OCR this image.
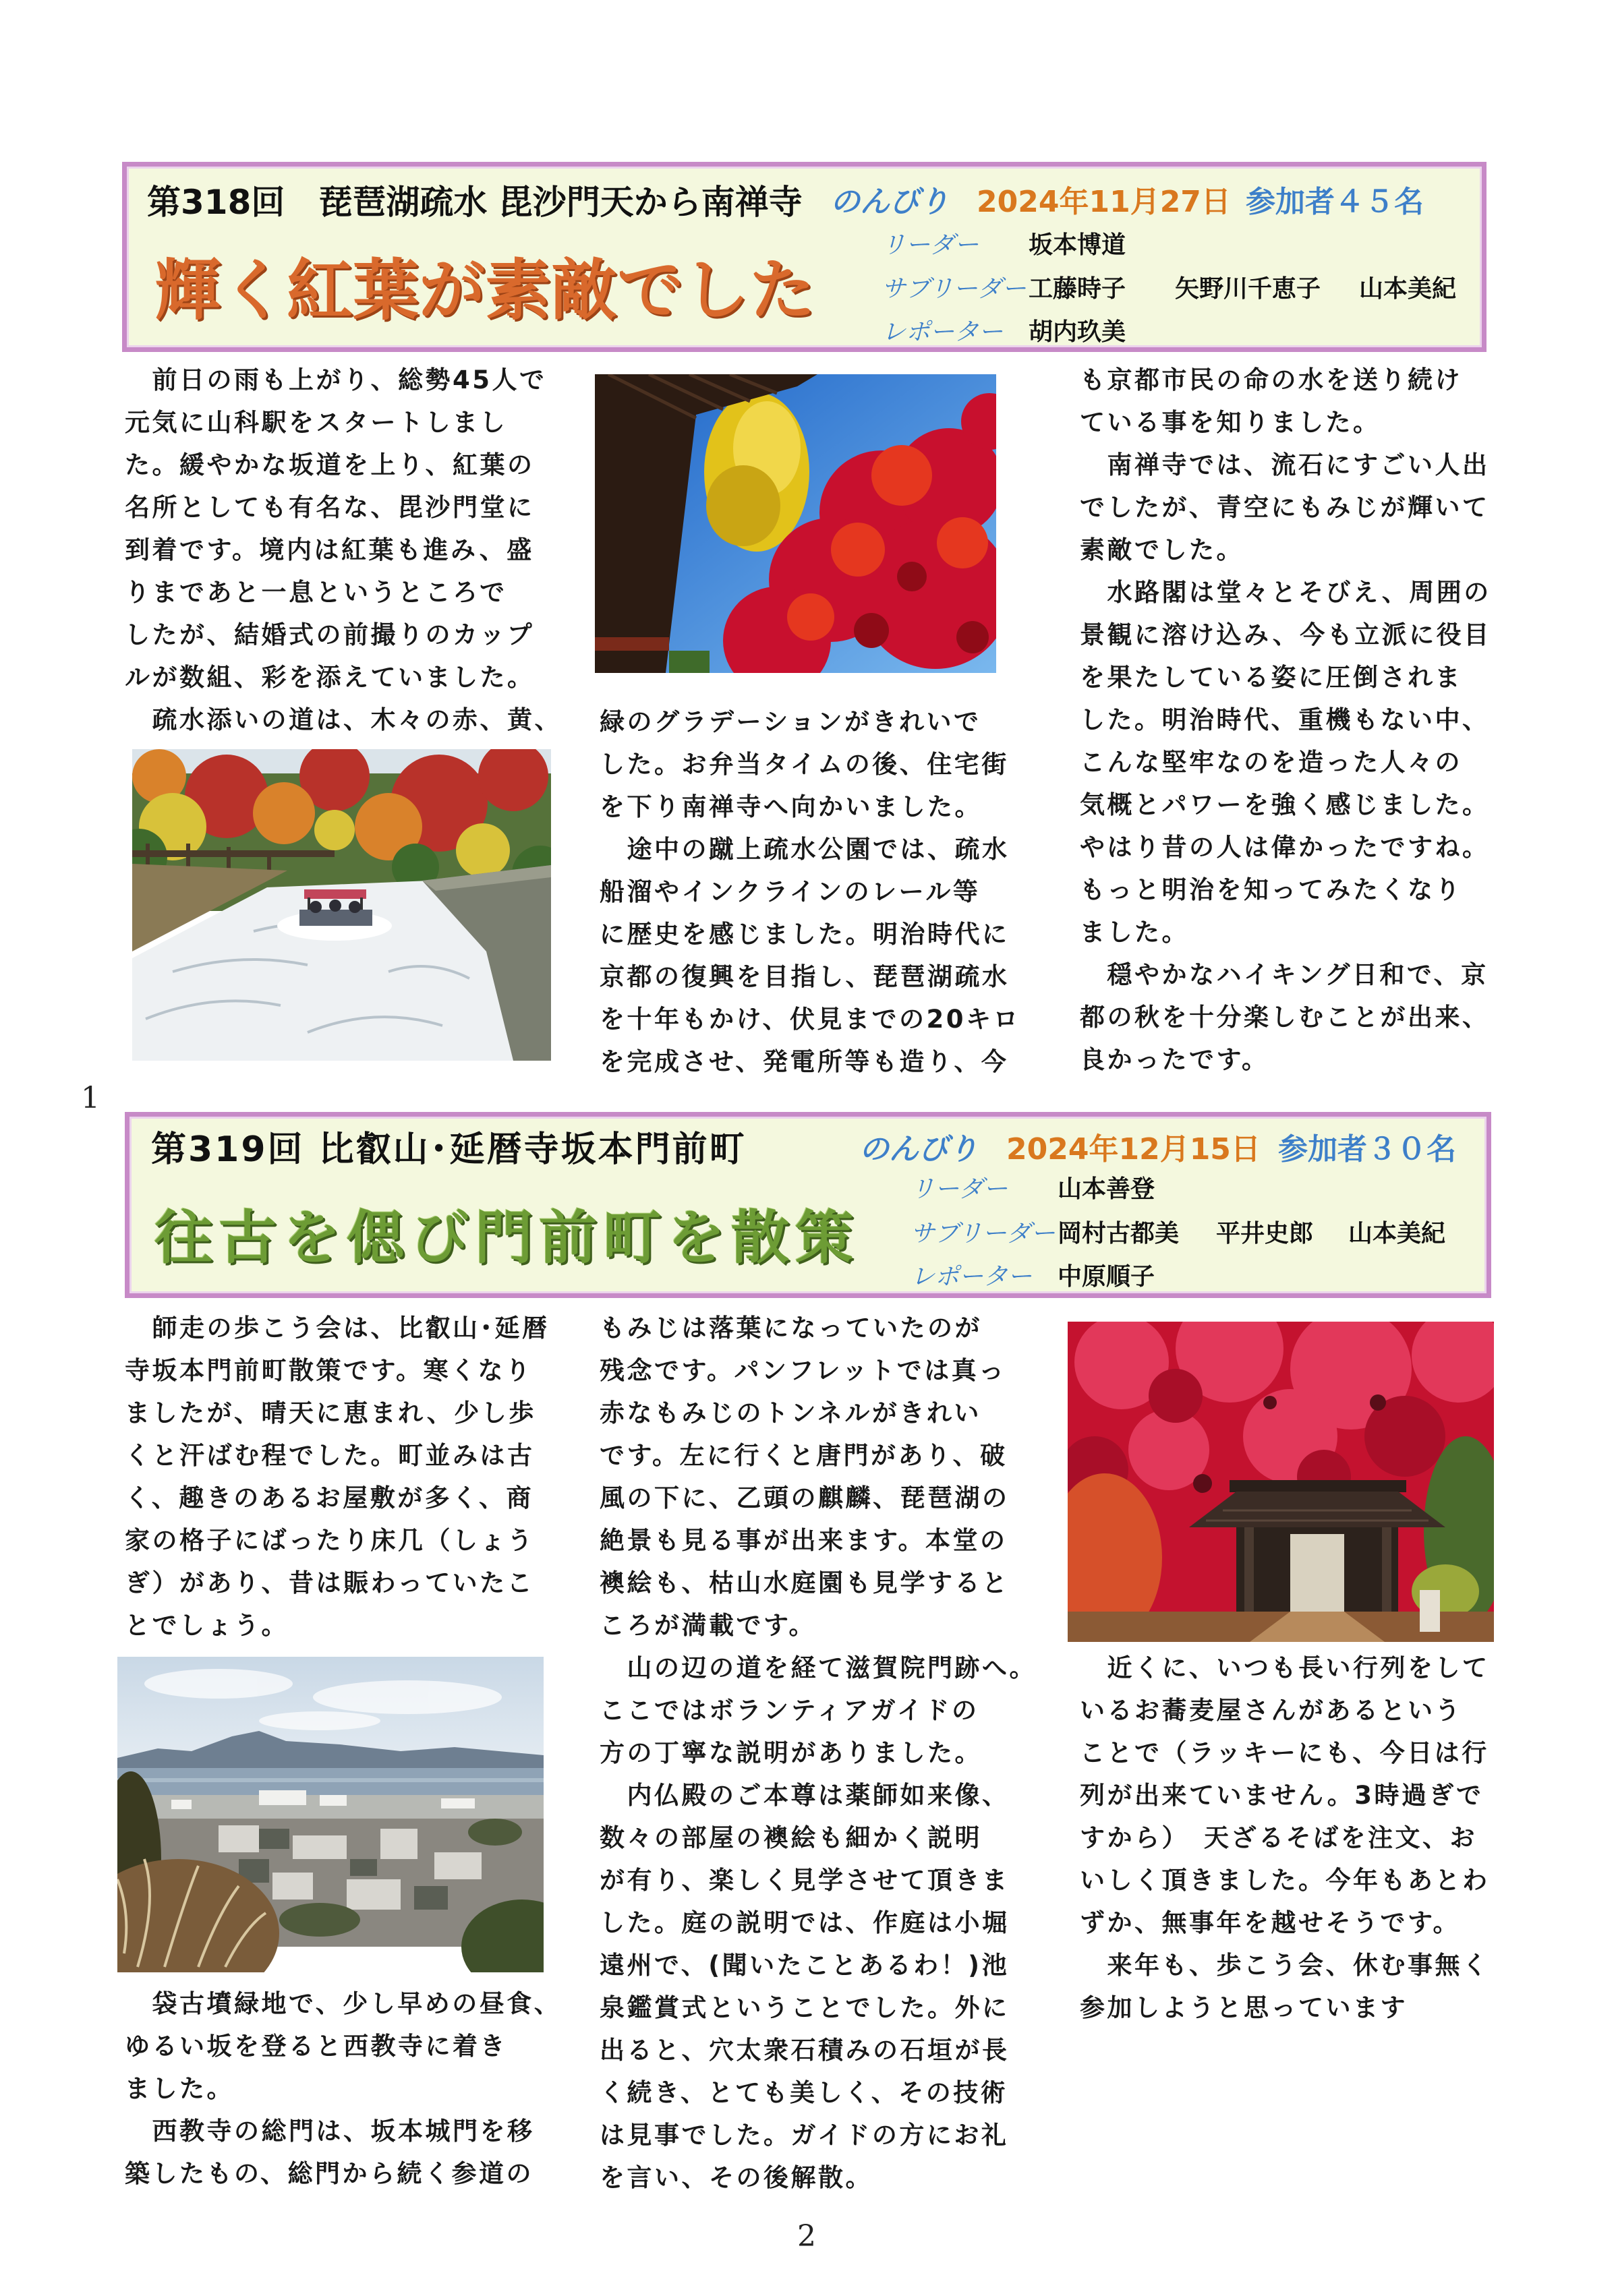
第318回　琵琶湖疏水 毘沙門天から南禅寺 のんびり 2024年11月27日 参加者４５名
輝く紅葉が素敵でした
リーダー 坂本博道
サブリーダー 工藤時子 矢野川千恵子 山本美紀
レポーター 胡内玖美
　前日の雨も上がり、総勢45人で
元気に山科駅をスタートしまし
た。緩やかな坂道を上り、紅葉の
名所としても有名な、毘沙門堂に
到着です。境内は紅葉も進み、盛
りまであと一息というところで
したが、結婚式の前撮りのカップ
ルが数組、彩を添えていました。
　疏水添いの道は、木々の赤、黄、	緑のグラデーションがきれいで
した。お弁当タイムの後、住宅街
を下り南禅寺へ向かいました。
　途中の蹴上疏水公園では、疏水
船溜やインクラインのレール等
に歴史を感じました。明治時代に
京都の復興を目指し、琵琶湖疏水
を十年もかけ、伏見までの20キロ
を完成させ、発電所等も造り、今
も京都市民の命の水を送り続け
ている事を知りました。
　南禅寺では、流石にすごい人出
でしたが、青空にもみじが輝いて
素敵でした。
　水路閣は堂々とそびえ、周囲の
景観に溶け込み、今も立派に役目
を果たしている姿に圧倒されま
した。明治時代、重機もない中、
こんな堅牢なのを造った人々の
気概とパワーを強く感じました。
やはり昔の人は偉かったですね。
もっと明治を知ってみたくなり
ました。
　穏やかなハイキング日和で、京
都の秋を十分楽しむことが出来、
良かったです。
1
第319回 比叡山･延暦寺坂本門前町	のんびり 2024年12月15日 参加者３０名
往古を偲び門前町を散策
リーダー 山本善登
サブリーダー 岡村古都美 平井史郎 山本美紀
レポーター 中原順子
　師走の歩こう会は、比叡山･延暦
寺坂本門前町散策です。寒くなり
ましたが、晴天に恵まれ、少し歩
くと汗ばむ程でした。町並みは古
く、趣きのあるお屋敷が多く、商
家の格子にばったり床几（しょう
ぎ）があり、昔は賑わっていたこ
とでしょう。
　袋古墳緑地で、少し早めの昼食、
ゆるい坂を登ると西教寺に着き
ました。
　西教寺の総門は、坂本城門を移
築したもの、総門から続く参道の
もみじは落葉になっていたのが
残念です。パンフレットでは真っ
赤なもみじのトンネルがきれい
です。左に行くと唐門があり、破
風の下に、乙頭の麒麟、琵琶湖の
絶景も見る事が出来ます。本堂の
襖絵も、枯山水庭園も見学すると
ころが満載です。
　山の辺の道を経て滋賀院門跡へ。
ここではボランティアガイドの
方の丁寧な説明がありました。
　内仏殿のご本尊は薬師如来像、
数々の部屋の襖絵も細かく説明
が有り、楽しく見学させて頂きま
した。庭の説明では、作庭は小堀
遠州で、(聞いたことあるわ！)池
泉鑑賞式ということでした。外に
出ると、穴太衆石積みの石垣が長
く続き、とても美しく、その技術
は見事でした。ガイドの方にお礼
を言い、その後解散。
　近くに、いつも長い行列をして
いるお蕎麦屋さんがあるという
ことで（ラッキーにも、今日は行
列が出来ていません。3時過ぎで
すから）　天ざるそばを注文、お
いしく頂きました。今年もあとわ
ずか、無事年を越せそうです。
　来年も、歩こう会、休む事無く
参加しようと思っています
2
